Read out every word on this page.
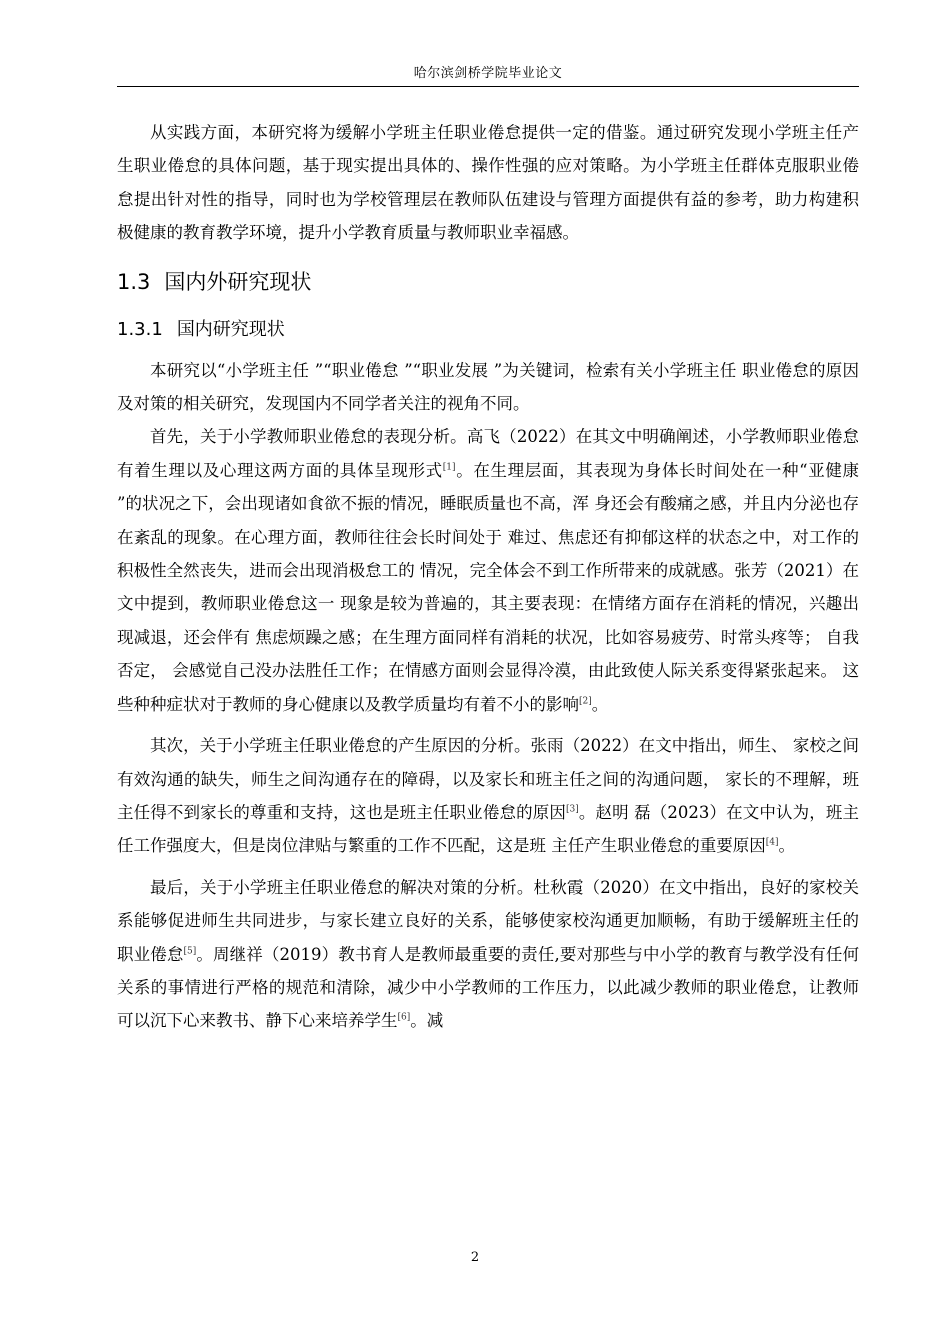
哈尔滨剑桥学院毕业论文

从实践方面，本研究将为缓解小学班主任职业倦怠提供一定的借鉴。通过研究发现小学班主任产生职业倦怠的具体问题，基于现实提出具体的、操作性强的应对策略。为小学班主任群体克服职业倦怠提出针对性的指导，同时也为学校管理层在教师队伍建设与管理方面提供有益的参考，助力构建积极健康的教育教学环境，提升小学教育质量与教师职业幸福感。

1.3 国内外研究现状
1.3.1 国内研究现状

本研究以“小学班主任 ”“职业倦怠 ”“职业发展 ”为关键词，检索有关小学班主任 职业倦怠的原因及对策的相关研究，发现国内不同学者关注的视角不同。

首先，关于小学教师职业倦怠的表现分析。高飞（2022）在其文中明确阐述，小学教师职业倦怠有着生理以及心理这两方面的具体呈现形式[1]。在生理层面，其表现为身体长时间处在一种“亚健康 ”的状况之下，会出现诸如食欲不振的情况，睡眠质量也不高，浑 身还会有酸痛之感，并且内分泌也存在紊乱的现象。在心理方面，教师往往会长时间处于 难过、焦虑还有抑郁这样的状态之中，对工作的积极性全然丧失，进而会出现消极怠工的 情况，完全体会不到工作所带来的成就感。张芳（2021）在文中提到，教师职业倦怠这一 现象是较为普遍的，其主要表现：在情绪方面存在消耗的情况，兴趣出现减退，还会伴有 焦虑烦躁之感；在生理方面同样有消耗的状况，比如容易疲劳、时常头疼等； 自我否定， 会感觉自己没办法胜任工作；在情感方面则会显得冷漠，由此致使人际关系变得紧张起来。 这些种种症状对于教师的身心健康以及教学质量均有着不小的影响[2]。

其次，关于小学班主任职业倦怠的产生原因的分析。张雨（2022）在文中指出，师生、 家校之间有效沟通的缺失，师生之间沟通存在的障碍，以及家长和班主任之间的沟通问题， 家长的不理解，班主任得不到家长的尊重和支持，这也是班主任职业倦怠的原因[3]。赵明 磊（2023）在文中认为，班主任工作强度大，但是岗位津贴与繁重的工作不匹配，这是班 主任产生职业倦怠的重要原因[4]。

最后，关于小学班主任职业倦怠的解决对策的分析。杜秋霞（2020）在文中指出，良好的家校关系能够促进师生共同进步，与家长建立良好的关系，能够使家校沟通更加顺畅，有助于缓解班主任的职业倦怠[5]。周继祥（2019）教书育人是教师最重要的责任,要对那些与中小学的教育与教学没有任何关系的事情进行严格的规范和清除，减少中小学教师的工作压力，以此减少教师的职业倦怠，让教师可以沉下心来教书、静下心来培养学生[6]。减

2
